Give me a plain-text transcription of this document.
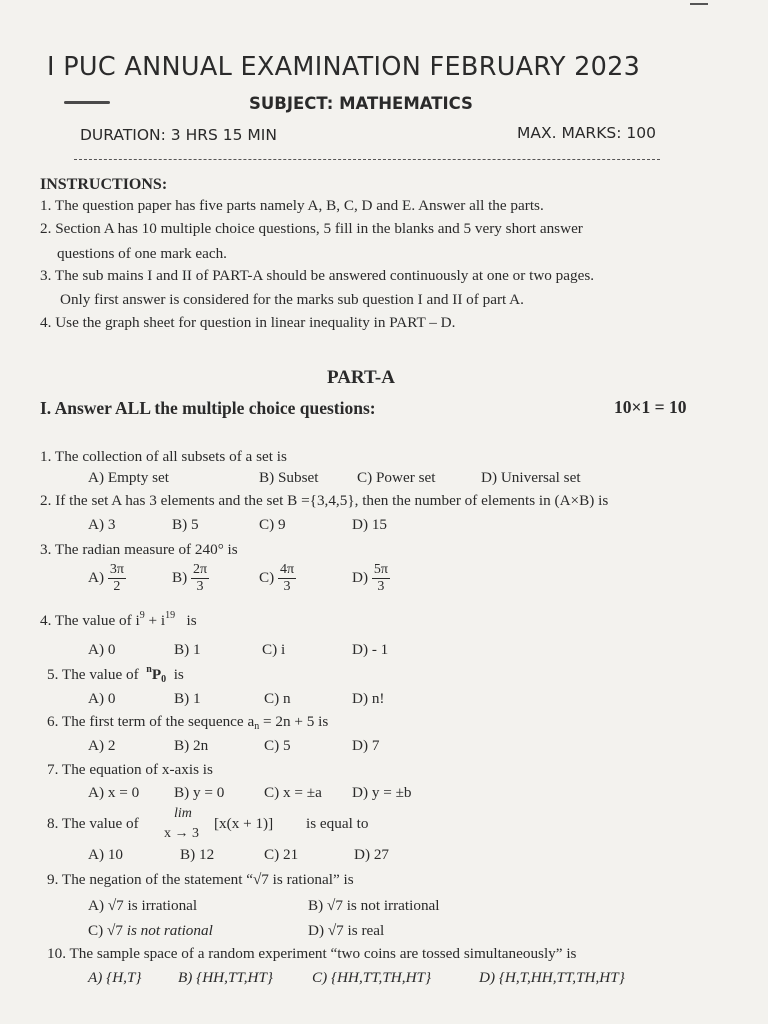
I PUC ANNUAL EXAMINATION FEBRUARY 2023
SUBJECT: MATHEMATICS
DURATION: 3 HRS 15 MIN	MAX. MARKS: 100
INSTRUCTIONS:
1. The question paper has five parts namely A, B, C, D and E. Answer all the parts.
2. Section A has 10 multiple choice questions, 5 fill in the blanks and 5 very short answer
questions of one mark each.
3. The sub mains I and II of PART-A should be answered continuously at one or two pages.
Only first answer is considered for the marks sub question I and II of part A.
4. Use the graph sheet for question in linear inequality in PART – D.
PART-A
I. Answer ALL the multiple choice questions:	10×1 = 10
1. The collection of all subsets of a set is
A) Empty set	B) Subset	C) Power set	D) Universal set
2. If the set A has 3 elements and the set B ={3,4,5}, then the number of elements in (A×B) is
A) 3	B) 5	C) 9	D) 15
3. The radian measure of 240° is
$A) \frac{3\pi}{2}$	$B) \frac{2\pi}{3}$	$C) \frac{4\pi}{3}$	$D) \frac{5\pi}{3}$
4. The value of $i^9 + i^{19}$ is
A) 0	B) 1	C) i	D) - 1
5. The value of $^n$P0 is
A) 0	B) 1	C) n	D) n!
6. The first term of the sequence an = 2n + 5 is
A) 2	B) 2n	C) 5	D) 7
7. The equation of x-axis is
A) x = 0 B) y = 0	C) x = ±a D) y = ±b
8. The value of
lim
x → 3
[x(x + 1)] is equal to
A) 10	B) 12	C) 21	D) 27
9. The negation of the statement “√7 is rational” is
A) √7 is irrational	B) √7 is not irrational
C) √7 is not rational	D) √7 is real
10. The sample space of a random experiment “two coins are tossed simultaneously” is
A) {H,T} B) {HH,TT,HT}	C) {HH,TT,TH,HT}	D) {H,T,HH,TT,TH,HT}
